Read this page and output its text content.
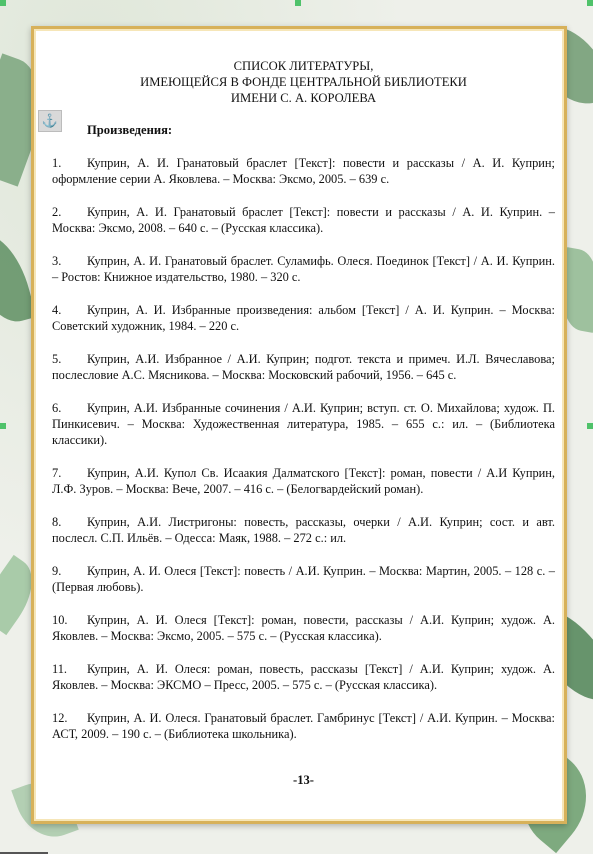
СПИСОК ЛИТЕРАТУРЫ,
ИМЕЮЩЕЙСЯ В ФОНДЕ ЦЕНТРАЛЬНОЙ БИБЛИОТЕКИ
ИМЕНИ С. А. КОРОЛЕВА
⚓
Произведения:
1. Куприн, А. И. Гранатовый браслет [Текст]: повести и рассказы / А. И. Куприн; оформление серии А. Яковлева. – Москва: Эксмо, 2005. – 639 с.
2. Куприн, А. И. Гранатовый браслет [Текст]: повести и рассказы / А. И. Куприн. – Москва: Эксмо, 2008. – 640 с. – (Русская классика).
3. Куприн, А. И. Гранатовый браслет. Суламифь. Олеся. Поединок [Текст] / А. И. Куприн. – Ростов: Книжное издательство, 1980. – 320 с.
4. Куприн, А. И. Избранные произведения: альбом [Текст] / А. И. Куприн. – Москва: Советский художник, 1984. – 220 с.
5. Куприн, А.И. Избранное / А.И. Куприн; подгот. текста и примеч. И.Л. Вячеславова; послесловие А.С. Мясникова. – Москва: Московский рабочий, 1956. – 645 с.
6. Куприн, А.И. Избранные сочинения / А.И. Куприн; вступ. ст. О. Михайлова; худож. П. Пинкисевич. – Москва: Художественная литература, 1985. – 655 с.: ил. – (Библиотека классики).
7. Куприн, А.И. Купол Св. Исаакия Далматского [Текст]: роман, повести / А.И Куприн, Л.Ф. Зуров. – Москва: Вече, 2007. – 416 с. – (Белогвардейский роман).
8. Куприн, А.И. Листригоны: повесть, рассказы, очерки / А.И. Куприн; сост. и авт. послесл. С.П. Ильёв. – Одесса: Маяк, 1988. – 272 с.: ил.
9. Куприн, А. И. Олеся [Текст]: повесть / А.И. Куприн. – Москва: Мартин, 2005. – 128 с. – (Первая любовь).
10. Куприн, А. И. Олеся [Текст]: роман, повести, рассказы / А.И. Куприн; худож. А. Яковлев. – Москва: Эксмо, 2005. – 575 с. – (Русская классика).
11. Куприн, А. И. Олеся: роман, повесть, рассказы [Текст] / А.И. Куприн; худож. А. Яковлев. – Москва: ЭКСМО – Пресс, 2005. – 575 с. – (Русская классика).
12. Куприн, А. И. Олеся. Гранатовый браслет. Гамбринус [Текст] / А.И. Куприн. – Москва: АСТ, 2009. – 190 с. – (Библиотека школьника).
-13-
